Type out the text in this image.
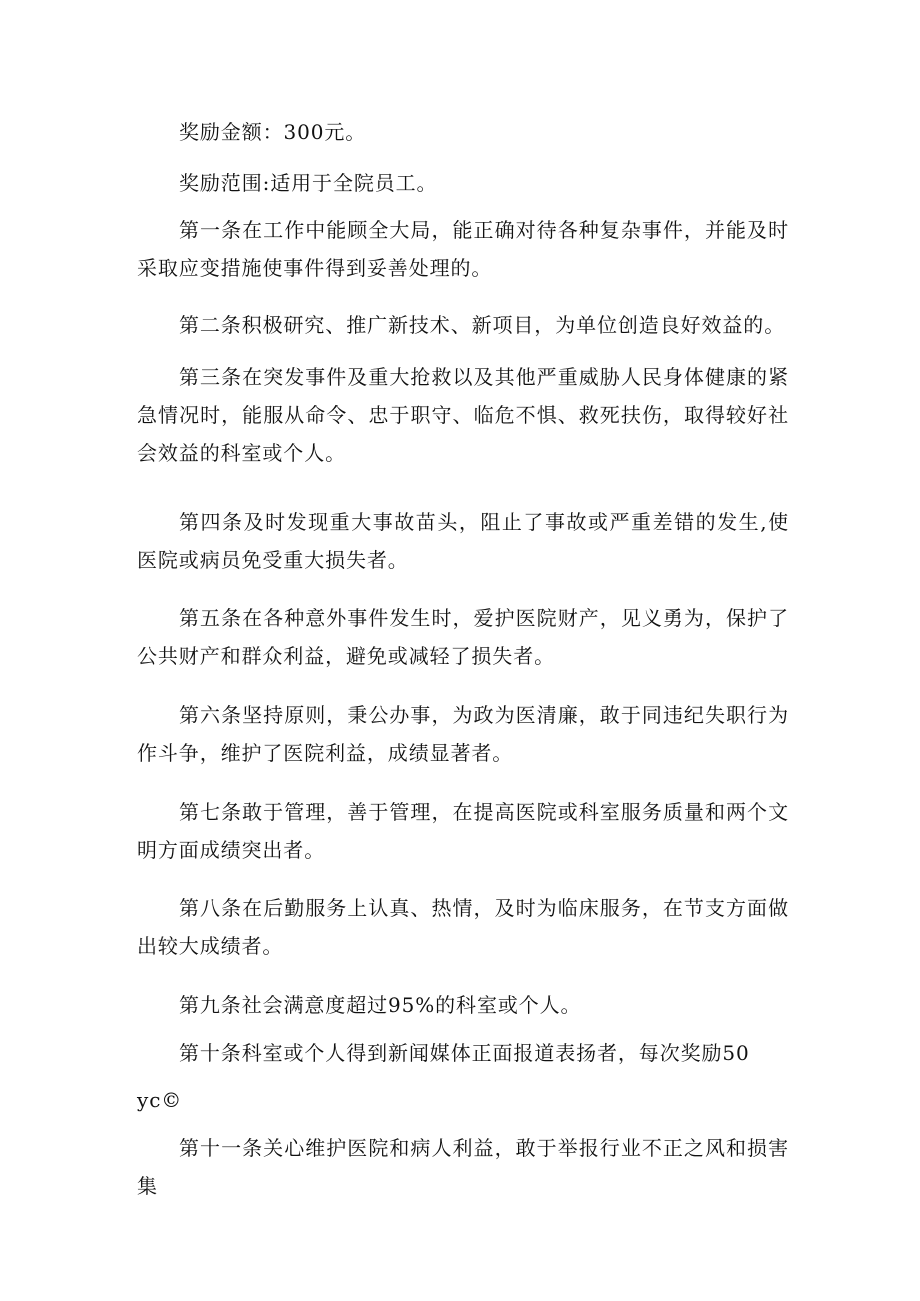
奖励金额：300元。

奖励范围:适用于全院员工。

第一条在工作中能顾全大局，能正确对待各种复杂事件，并能及时采取应变措施使事件得到妥善处理的。

第二条积极研究、推广新技术、新项目，为单位创造良好效益的。

第三条在突发事件及重大抢救以及其他严重威胁人民身体健康的紧急情况时，能服从命令、忠于职守、临危不惧、救死扶伤，取得较好社会效益的科室或个人。

第四条及时发现重大事故苗头，阻止了事故或严重差错的发生,使医院或病员免受重大损失者。

第五条在各种意外事件发生时，爱护医院财产，见义勇为，保护了公共财产和群众利益，避免或减轻了损失者。

第六条坚持原则，秉公办事，为政为医清廉，敢于同违纪失职行为作斗争，维护了医院利益，成绩显著者。

第七条敢于管理，善于管理，在提高医院或科室服务质量和两个文明方面成绩突出者。

第八条在后勤服务上认真、热情，及时为临床服务，在节支方面做出较大成绩者。

第九条社会满意度超过95%的科室或个人。

第十条科室或个人得到新闻媒体正面报道表扬者，每次奖励50

yc©

第十一条关心维护医院和病人利益，敢于举报行业不正之风和损害集
